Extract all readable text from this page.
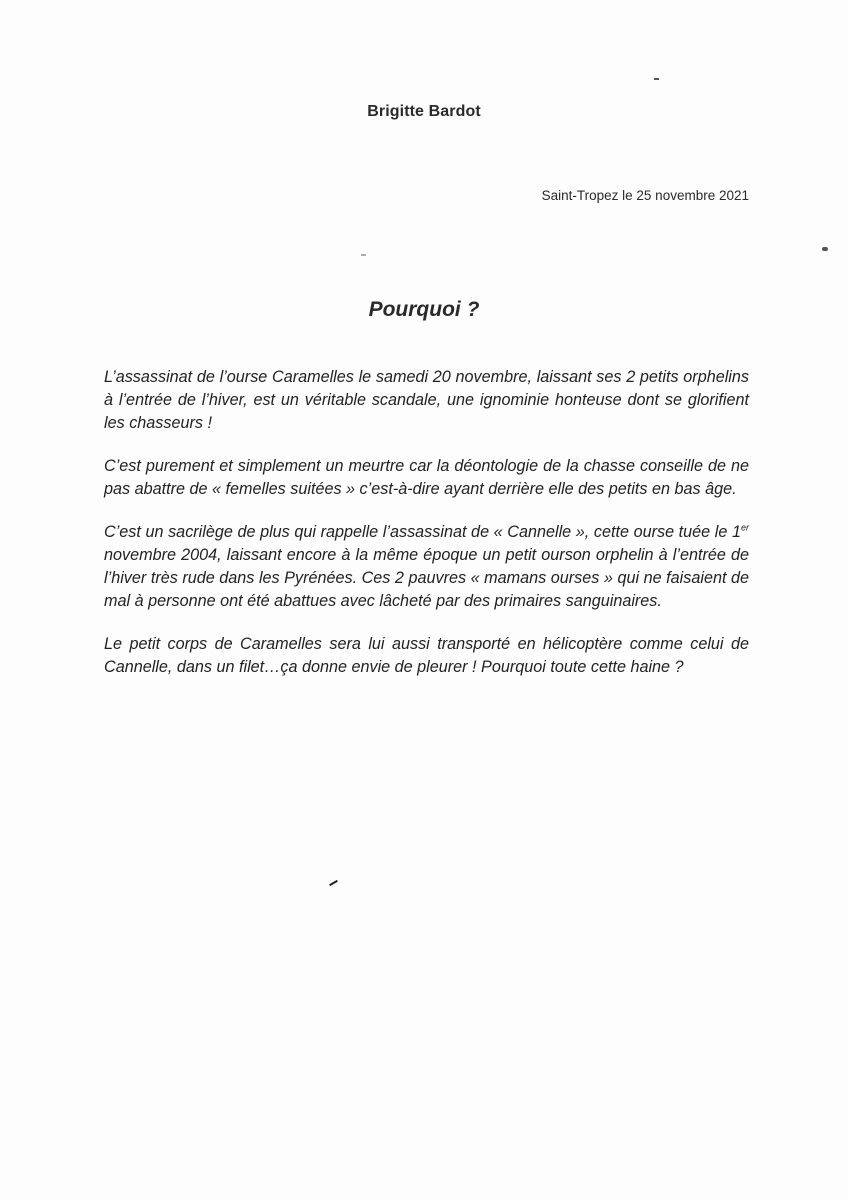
Brigitte Bardot
Saint-Tropez le 25 novembre 2021
Pourquoi ?

L’assassinat de l’ourse Caramelles le samedi 20 novembre, laissant ses 2 petits orphelins à l’entrée de l’hiver, est un véritable scandale, une ignominie honteuse dont se glorifient les chasseurs !

C’est purement et simplement un meurtre car la déontologie de la chasse conseille de ne pas abattre de « femelles suitées » c’est-à-dire ayant derrière elle des petits en bas âge.

C’est un sacrilège de plus qui rappelle l’assassinat de « Cannelle », cette ourse tuée le 1er novembre 2004, laissant encore à la même époque un petit ourson orphelin à l’entrée de l’hiver très rude dans les Pyrénées. Ces 2 pauvres « mamans ourses » qui ne faisaient de mal à personne ont été abattues avec lâcheté par des primaires sanguinaires.

Le petit corps de Caramelles sera lui aussi transporté en hélicoptère comme celui de Cannelle, dans un filet…ça donne envie de pleurer ! Pourquoi toute cette haine ?
